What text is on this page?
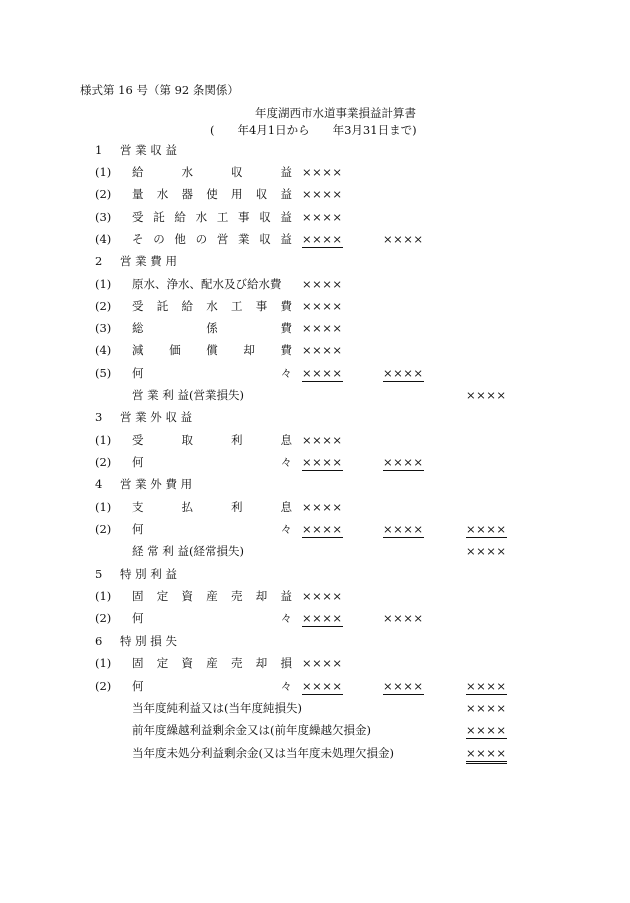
様式第 16 号（第 92 条関係）
年度湖西市水道事業損益計算書
(　　年4月1日から　　年3月31日まで)
1 営 業 収 益
(1) 給	水	収	益 ××××
(2) 量 水 器 使 用 収 益 ××××
(3) 受 託 給 水 工 事 収 益 ××××
(4) そ の 他 の 営 業 収 益 ××××	××××
2 営 業 費 用
(1) 原水、浄水、配水及び給水費 ××××
(2) 受 託 給 水 工 事 費 ××××
(3) 総	係	費 ××××
(4) 減 価 償 却 費 ××××
(5) 何	々 ××××	××××
営 業 利 益(営業損失)	××××
3 営 業 外 収 益
(1) 受	取	利	息 ××××
(2) 何	々 ××××	××××
4 営 業 外 費 用
(1) 支	払	利	息 ××××
(2) 何	々 ××××	××××	××××
経 常 利 益(経常損失)	××××
5 特 別 利 益
(1) 固 定 資 産 売 却 益 ××××
(2) 何	々 ××××	××××
6 特 別 損 失
(1) 固 定 資 産 売 却 損 ××××
(2) 何	々 ××××	××××	××××
当年度純利益又は(当年度純損失)	××××
前年度繰越利益剰余金又は(前年度繰越欠損金)	××××
当年度未処分利益剰余金(又は当年度未処理欠損金)	××××
